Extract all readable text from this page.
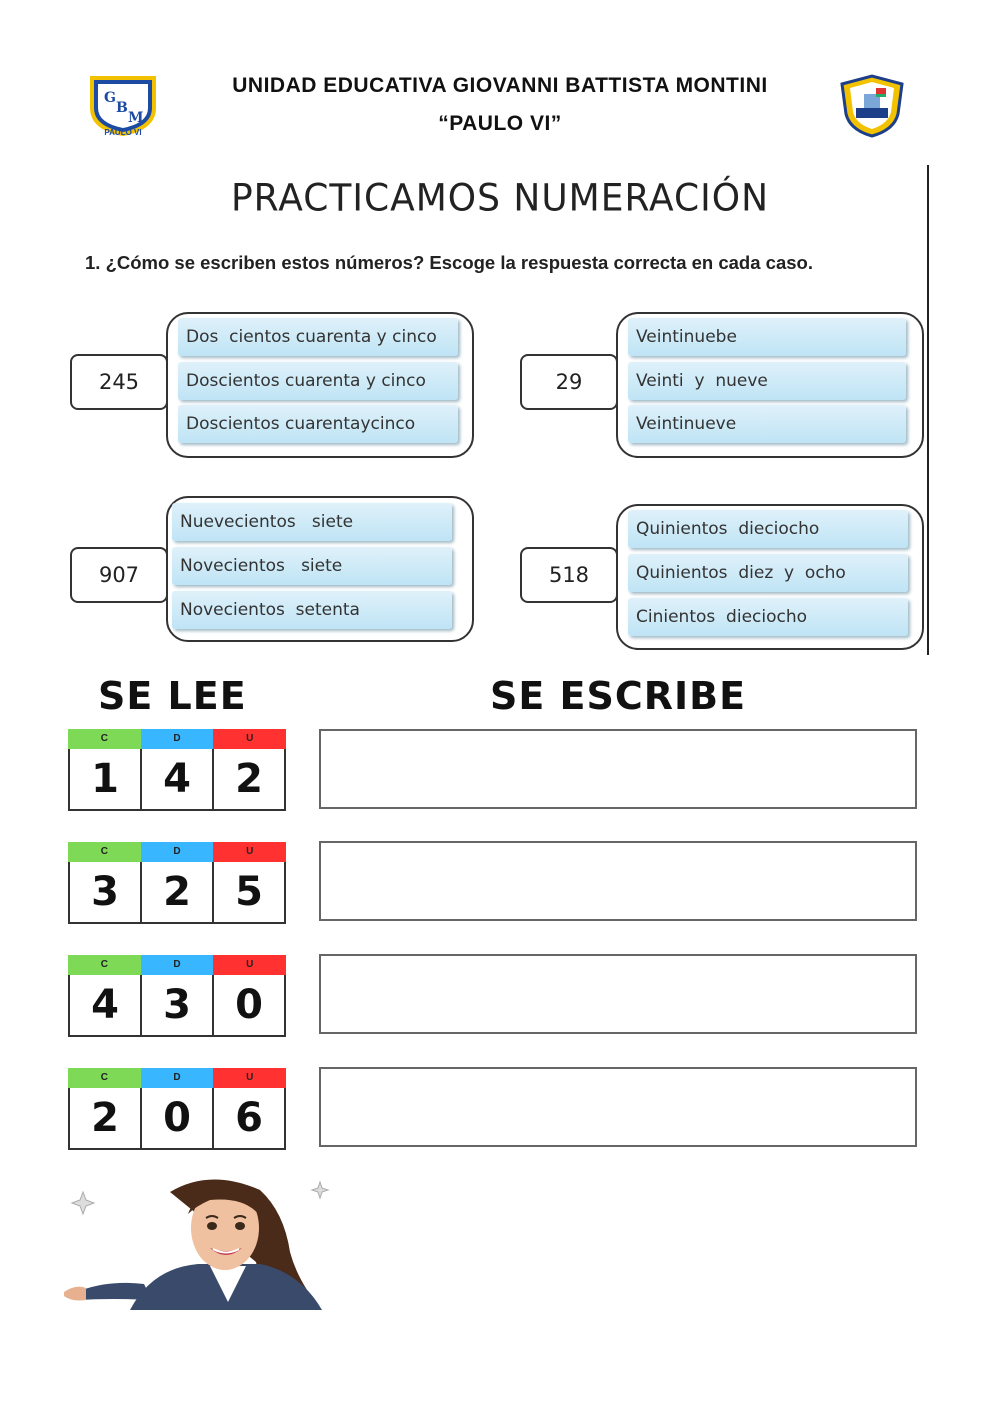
G
B
M
PAULO VI
UNIDAD EDUCATIVA GIOVANNI BATTISTA MONTINI
“PAULO VI”
PRACTICAMOS NUMERACIÓN
1. ¿Cómo se escriben estos números? Escoge la respuesta correcta en cada caso.
245
Dos  cientos cuarenta y cinco
Doscientos cuarenta y cinco
Doscientos cuarentaycinco
29
Veintinuebe
Veinti  y  nueve
Veintinueve
907
Nuevecientos   siete
Novecientos   siete
Novecientos  setenta
518
Quinientos  dieciocho
Quinientos  diez  y  ocho
Cinientos  dieciocho
SE LEE	SE ESCRIBE
C	D	U
1	4	2
C	D	U
3	2	5
C	D	U
4	3	0
C	D	U
2	0	6
